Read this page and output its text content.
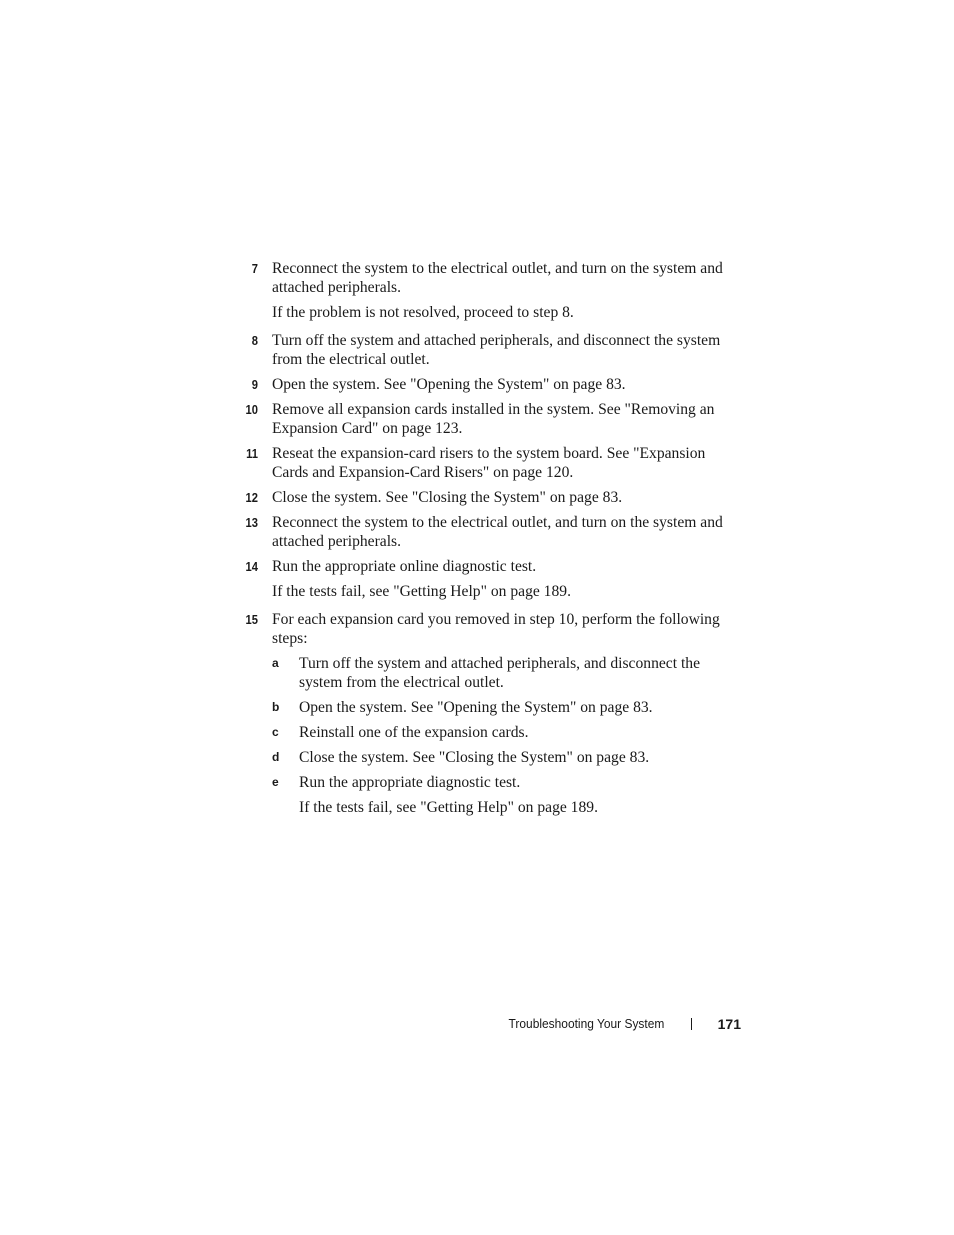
7 Reconnect the system to the electrical outlet, and turn on the system and attached peripherals.
If the problem is not resolved, proceed to step 8.
8 Turn off the system and attached peripherals, and disconnect the system from the electrical outlet.
9 Open the system. See "Opening the System" on page 83.
10 Remove all expansion cards installed in the system. See "Removing an Expansion Card" on page 123.
11 Reseat the expansion-card risers to the system board. See "Expansion Cards and Expansion-Card Risers" on page 120.
12 Close the system. See "Closing the System" on page 83.
13 Reconnect the system to the electrical outlet, and turn on the system and attached peripherals.
14 Run the appropriate online diagnostic test.
If the tests fail, see "Getting Help" on page 189.
15 For each expansion card you removed in step 10, perform the following steps:
a Turn off the system and attached peripherals, and disconnect the system from the electrical outlet.
b Open the system. See "Opening the System" on page 83.
c Reinstall one of the expansion cards.
d Close the system. See "Closing the System" on page 83.
e Run the appropriate diagnostic test.
If the tests fail, see "Getting Help" on page 189.
Troubleshooting Your System	171
